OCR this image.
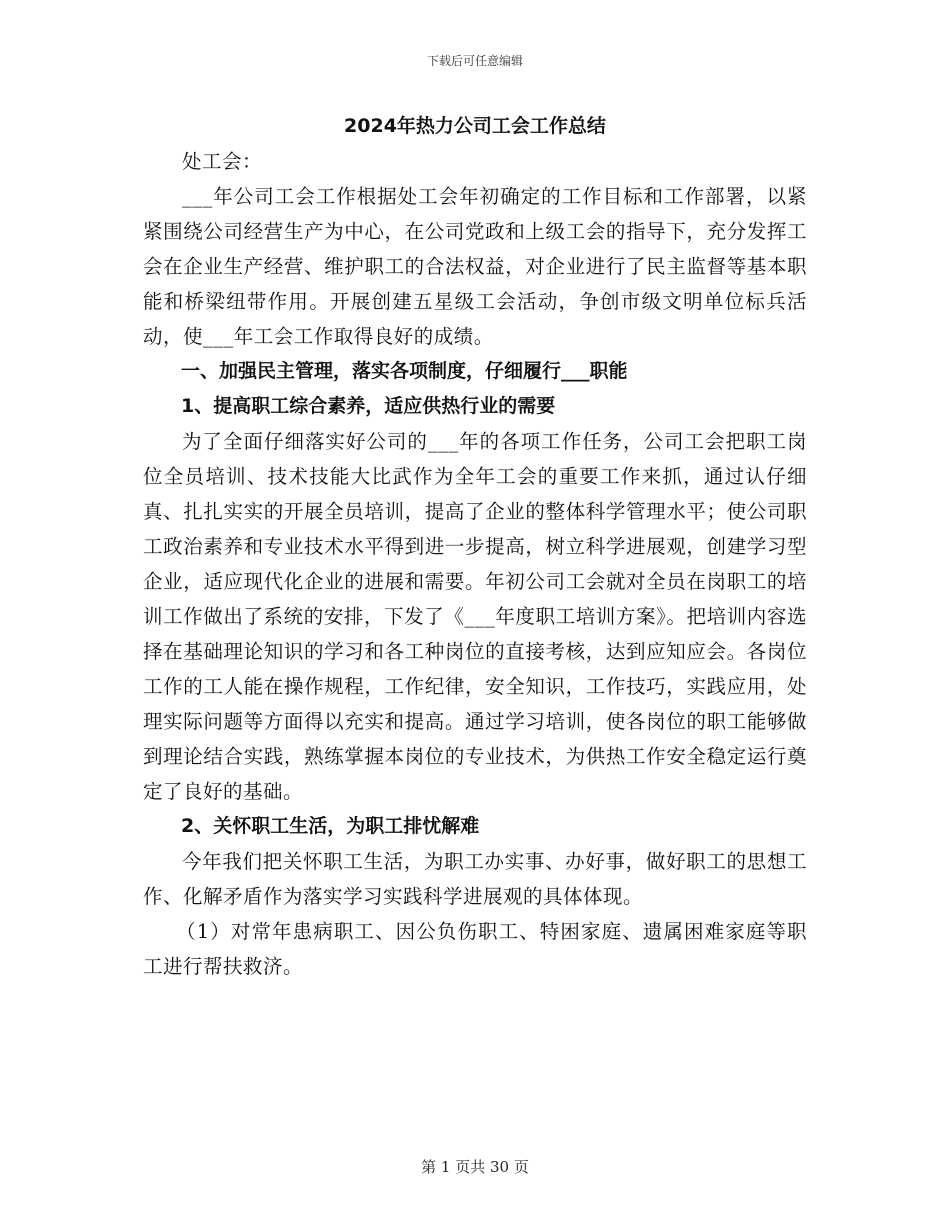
下载后可任意编辑
2024年热力公司工会工作总结

处工会：

___年公司工会工作根据处工会年初确定的工作目标和工作部署，以紧紧围绕公司经营生产为中心，在公司党政和上级工会的指导下，充分发挥工会在企业生产经营、维护职工的合法权益，对企业进行了民主监督等基本职能和桥梁纽带作用。开展创建五星级工会活动，争创市级文明单位标兵活动，使___年工会工作取得良好的成绩。

一、加强民主管理，落实各项制度，仔细履行___职能

1、提高职工综合素养，适应供热行业的需要

为了全面仔细落实好公司的___年的各项工作任务，公司工会把职工岗位全员培训、技术技能大比武作为全年工会的重要工作来抓，通过认仔细真、扎扎实实的开展全员培训，提高了企业的整体科学管理水平；使公司职工政治素养和专业技术水平得到进一步提高，树立科学进展观，创建学习型企业，适应现代化企业的进展和需要。年初公司工会就对全员在岗职工的培训工作做出了系统的安排，下发了《___年度职工培训方案》。把培训内容选择在基础理论知识的学习和各工种岗位的直接考核，达到应知应会。各岗位工作的工人能在操作规程，工作纪律，安全知识，工作技巧，实践应用，处理实际问题等方面得以充实和提高。通过学习培训，使各岗位的职工能够做到理论结合实践，熟练掌握本岗位的专业技术，为供热工作安全稳定运行奠定了良好的基础。

2、关怀职工生活，为职工排忧解难

今年我们把关怀职工生活，为职工办实事、办好事，做好职工的思想工作、化解矛盾作为落实学习实践科学进展观的具体体现。

（1）对常年患病职工、因公负伤职工、特困家庭、遗属困难家庭等职工进行帮扶救济。

第 1 页共 30 页
